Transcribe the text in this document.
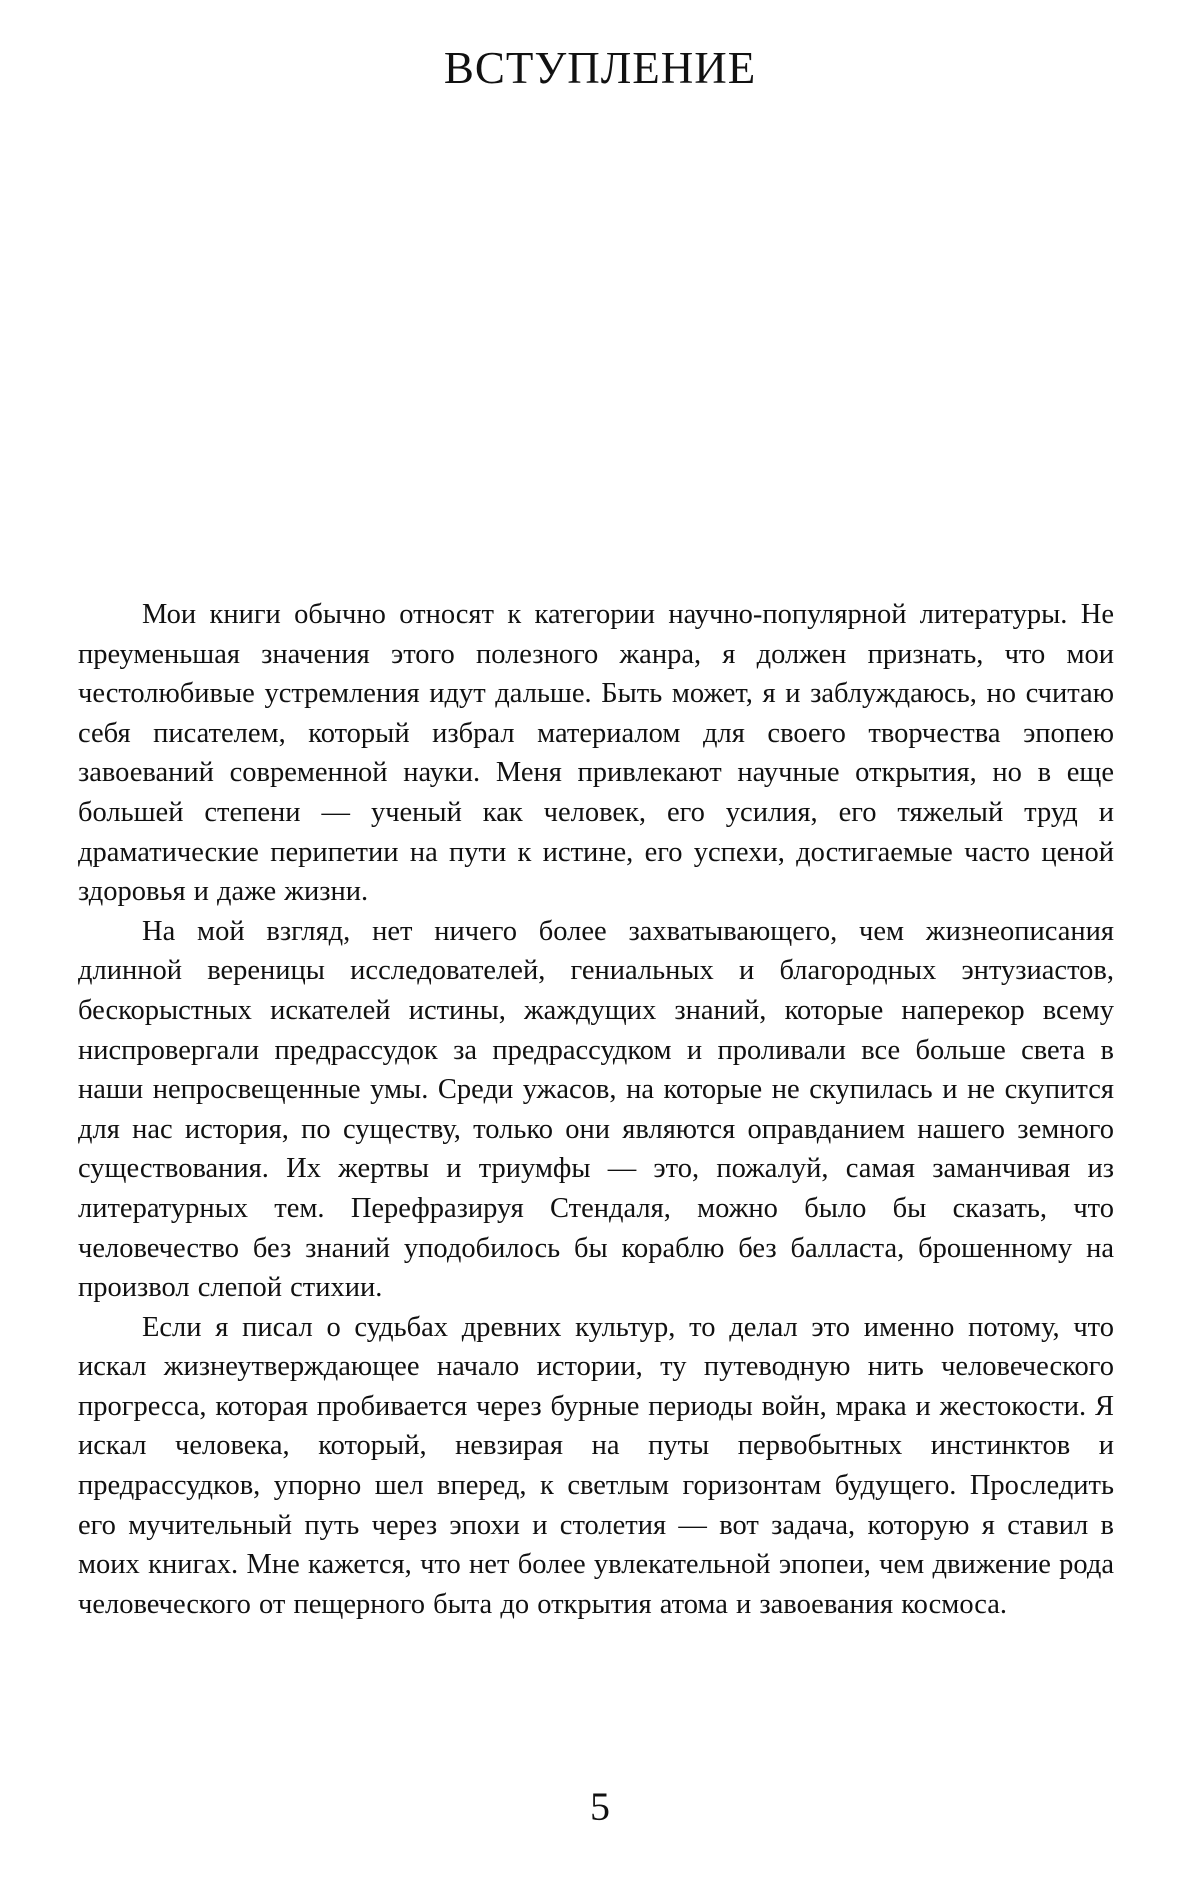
ВСТУПЛЕНИЕ

Мои книги обычно относят к категории научно-популярной литературы. Не преуменьшая значения этого полезного жанра, я должен признать, что мои честолюбивые устремления идут дальше. Быть может, я и заблуждаюсь, но считаю себя писателем, который избрал материалом для своего творчества эпопею завоеваний современной науки. Меня привлекают научные открытия, но в еще большей степени — ученый как человек, его усилия, его тяжелый труд и драматические перипетии на пути к истине, его успехи, достигаемые часто ценой здоровья и даже жизни.

На мой взгляд, нет ничего более захватывающего, чем жизнеописания длинной вереницы исследователей, гениальных и благородных энтузиастов, бескорыстных искателей истины, жаждущих знаний, которые наперекор всему ниспровергали предрассудок за предрассудком и проливали все больше света в наши непросвещенные умы. Среди ужасов, на которые не скупилась и не скупится для нас история, по существу, только они являются оправданием нашего земного существования. Их жертвы и триумфы — это, пожалуй, самая заманчивая из литературных тем. Перефразируя Стендаля, можно было бы сказать, что человечество без знаний уподобилось бы кораблю без балласта, брошенному на произвол слепой стихии.

Если я писал о судьбах древних культур, то делал это именно потому, что искал жизнеутверждающее начало истории, ту путеводную нить человеческого прогресса, которая пробивается через бурные периоды войн, мрака и жестокости. Я искал человека, который, невзирая на путы первобытных инстинктов и предрассудков, упорно шел вперед, к светлым горизонтам будущего. Проследить его мучительный путь через эпохи и столетия — вот задача, которую я ставил в моих книгах. Мне кажется, что нет более увлекательной эпопеи, чем движение рода человеческого от пещерного быта до открытия атома и завоевания космоса.

5
